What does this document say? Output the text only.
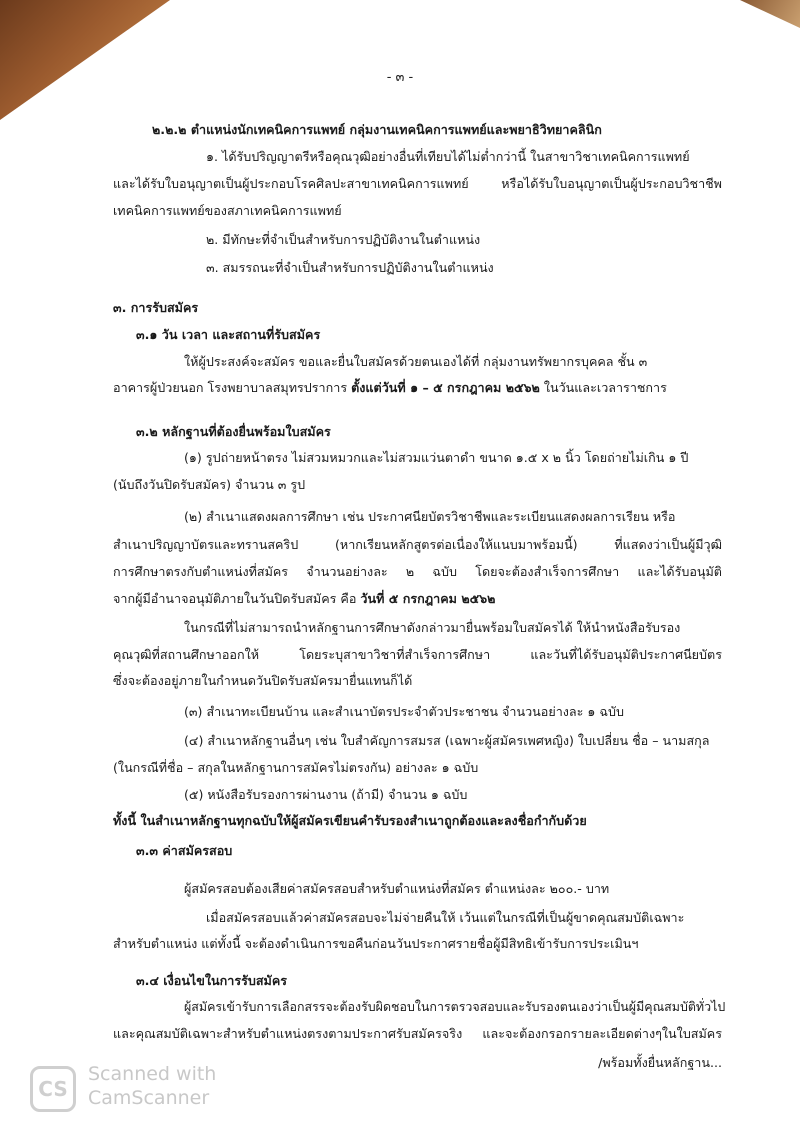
- ๓ -
๒.๒.๒ ตำแหน่งนักเทคนิคการแพทย์ กลุ่มงานเทคนิคการแพทย์และพยาธิวิทยาคลินิก
๑. ได้รับปริญญาตรีหรือคุณวุฒิอย่างอื่นที่เทียบได้ไม่ต่ำกว่านี้ ในสาขาวิชาเทคนิคการแพทย์
และได้รับใบอนุญาตเป็นผู้ประกอบโรคศิลปะสาขาเทคนิคการแพทย์ หรือได้รับใบอนุญาตเป็นผู้ประกอบวิชาชีพ
เทคนิคการแพทย์ของสภาเทคนิคการแพทย์
๒. มีทักษะที่จำเป็นสำหรับการปฏิบัติงานในตำแหน่ง
๓. สมรรถนะที่จำเป็นสำหรับการปฏิบัติงานในตำแหน่ง
๓. การรับสมัคร
๓.๑ วัน เวลา และสถานที่รับสมัคร
ให้ผู้ประสงค์จะสมัคร ขอและยื่นใบสมัครด้วยตนเองได้ที่ กลุ่มงานทรัพยากรบุคคล ชั้น ๓
อาคารผู้ป่วยนอก โรงพยาบาลสมุทรปราการ ตั้งแต่วันที่ ๑ – ๕ กรกฎาคม ๒๕๖๒ ในวันและเวลาราชการ
๓.๒ หลักฐานที่ต้องยื่นพร้อมใบสมัคร
(๑) รูปถ่ายหน้าตรง ไม่สวมหมวกและไม่สวมแว่นตาดำ ขนาด ๑.๕ x ๒ นิ้ว โดยถ่ายไม่เกิน ๑ ปี
(นับถึงวันปิดรับสมัคร) จำนวน ๓ รูป
(๒) สำเนาแสดงผลการศึกษา เช่น ประกาศนียบัตรวิชาชีพและระเบียนแสดงผลการเรียน หรือ
สำเนาปริญญาบัตรและทรานสคริป (หากเรียนหลักสูตรต่อเนื่องให้แนบมาพร้อมนี้) ที่แสดงว่าเป็นผู้มีวุฒิ
การศึกษาตรงกับตำแหน่งที่สมัคร จำนวนอย่างละ ๒ ฉบับ โดยจะต้องสำเร็จการศึกษา และได้รับอนุมัติ
จากผู้มีอำนาจอนุมัติภายในวันปิดรับสมัคร คือ วันที่ ๕ กรกฎาคม ๒๕๖๒
ในกรณีที่ไม่สามารถนำหลักฐานการศึกษาดังกล่าวมายื่นพร้อมใบสมัครได้ ให้นำหนังสือรับรอง
คุณวุฒิที่สถานศึกษาออกให้ โดยระบุสาขาวิชาที่สำเร็จการศึกษา และวันที่ได้รับอนุมัติประกาศนียบัตร
ซึ่งจะต้องอยู่ภายในกำหนดวันปิดรับสมัครมายื่นแทนก็ได้
(๓) สำเนาทะเบียนบ้าน และสำเนาบัตรประจำตัวประชาชน จำนวนอย่างละ ๑ ฉบับ
(๔) สำเนาหลักฐานอื่นๆ เช่น ใบสำคัญการสมรส (เฉพาะผู้สมัครเพศหญิง) ใบเปลี่ยน ชื่อ – นามสกุล
(ในกรณีที่ชื่อ – สกุลในหลักฐานการสมัครไม่ตรงกัน) อย่างละ ๑ ฉบับ
(๕) หนังสือรับรองการผ่านงาน (ถ้ามี) จำนวน ๑ ฉบับ
ทั้งนี้ ในสำเนาหลักฐานทุกฉบับให้ผู้สมัครเขียนคำรับรองสำเนาถูกต้องและลงชื่อกำกับด้วย
๓.๓ ค่าสมัครสอบ
ผู้สมัครสอบต้องเสียค่าสมัครสอบสำหรับตำแหน่งที่สมัคร ตำแหน่งละ ๒๐๐.- บาท
เมื่อสมัครสอบแล้วค่าสมัครสอบจะไม่จ่ายคืนให้ เว้นแต่ในกรณีที่เป็นผู้ขาดคุณสมบัติเฉพาะ
สำหรับตำแหน่ง แต่ทั้งนี้ จะต้องดำเนินการขอคืนก่อนวันประกาศรายชื่อผู้มีสิทธิเข้ารับการประเมินฯ
๓.๔ เงื่อนไขในการรับสมัคร
ผู้สมัครเข้ารับการเลือกสรรจะต้องรับผิดชอบในการตรวจสอบและรับรองตนเองว่าเป็นผู้มีคุณสมบัติทั่วไป
และคุณสมบัติเฉพาะสำหรับตำแหน่งตรงตามประกาศรับสมัครจริง และจะต้องกรอกรายละเอียดต่างๆในใบสมัคร
/พร้อมทั้งยื่นหลักฐาน...
CS
Scanned with
CamScanner
